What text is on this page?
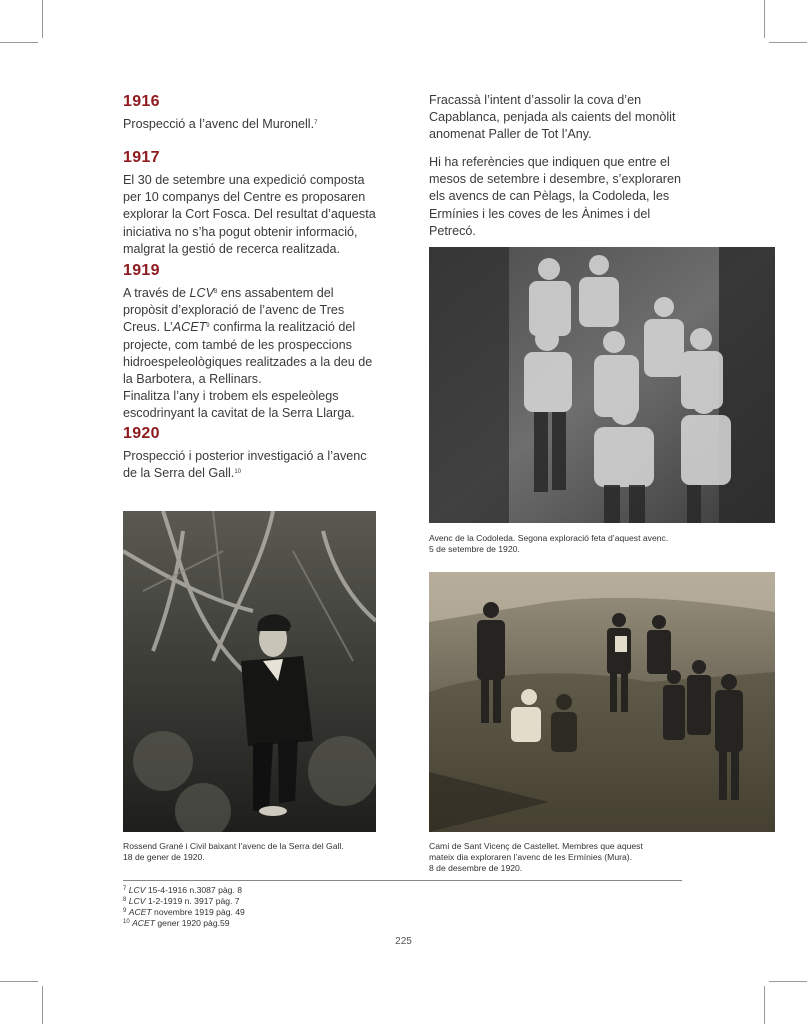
1916

Prospecció a l’avenc del Muronell.$^7$

1917

El 30 de setembre una expedició composta
per 10 companys del Centre es proposaren
explorar la Cort Fosca. Del resultat d’aquesta
iniciativa no s’ha pogut obtenir informació,
malgrat la gestió de recerca realitzada.

1919

A través de LCV$^8$ ens assabentem del
propòsit d’exploració de l’avenc de Tres
Creus. L’ACET$^9$ confirma la realització del
projecte, com també de les prospeccions
hidroespeleològiques realitzades a la deu de
la Barbotera, a Rellinars.
Finalitza l’any i trobem els espeleòlegs
escodrinyant la cavitat de la Serra Llarga.

1920

Prospecció i posterior investigació a l’avenc
de la Serra del Gall.$^{10}$

Fracassà l’intent d’assolir la cova d’en
Capablanca, penjada als caients del monòlit
anomenat Paller de Tot l’Any.

Hi ha referències que indiquen que entre el
mesos de setembre i desembre, s’exploraren
els avencs de can Pèlags, la Codoleda, les
Ermínies i les coves de les Ànimes i del
Petrecó.

Avenc de la Codoleda. Segona exploració feta d’aquest avenc.
5 de setembre de 1920.

Rossend Grané i Civil baixant l’avenc de la Serra del Gall.
18 de gener de 1920.

Camí de Sant Vicenç de Castellet. Membres que aquest
mateix dia exploraren l’avenc de les Ermínies (Mura).
8 de desembre de 1920.

$^7$ LCV 15-4-1916 n.3087 pàg. 8

$^8$ LCV 1-2-1919 n. 3917 pàg. 7

$^9$ ACET novembre 1919 pàg. 49

$^{10}$ ACET gener 1920 pàg.59

225
